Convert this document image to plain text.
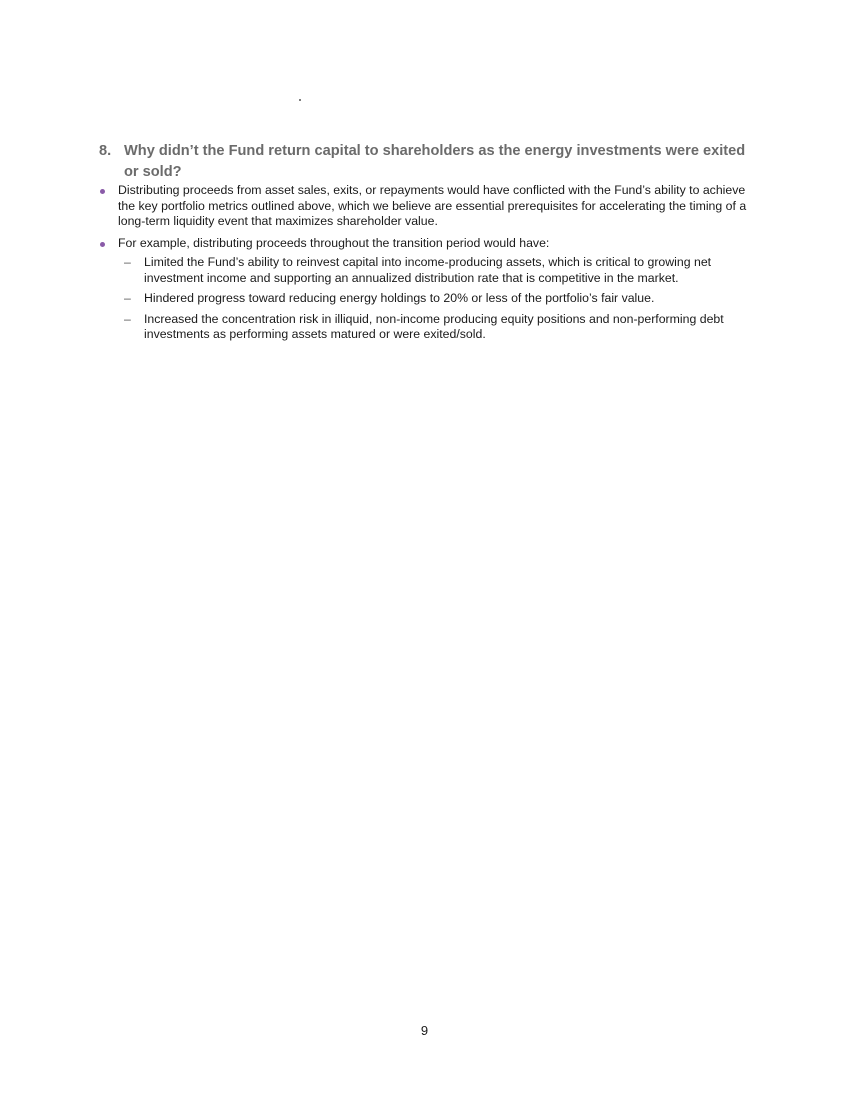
8. Why didn’t the Fund return capital to shareholders as the energy investments were exited or sold?
Distributing proceeds from asset sales, exits, or repayments would have conflicted with the Fund’s ability to achieve the key portfolio metrics outlined above, which we believe are essential prerequisites for accelerating the timing of a long-term liquidity event that maximizes shareholder value.
For example, distributing proceeds throughout the transition period would have:
– Limited the Fund’s ability to reinvest capital into income-producing assets, which is critical to growing net investment income and supporting an annualized distribution rate that is competitive in the market.
– Hindered progress toward reducing energy holdings to 20% or less of the portfolio’s fair value.
– Increased the concentration risk in illiquid, non-income producing equity positions and non-performing debt investments as performing assets matured or were exited/sold.
9
